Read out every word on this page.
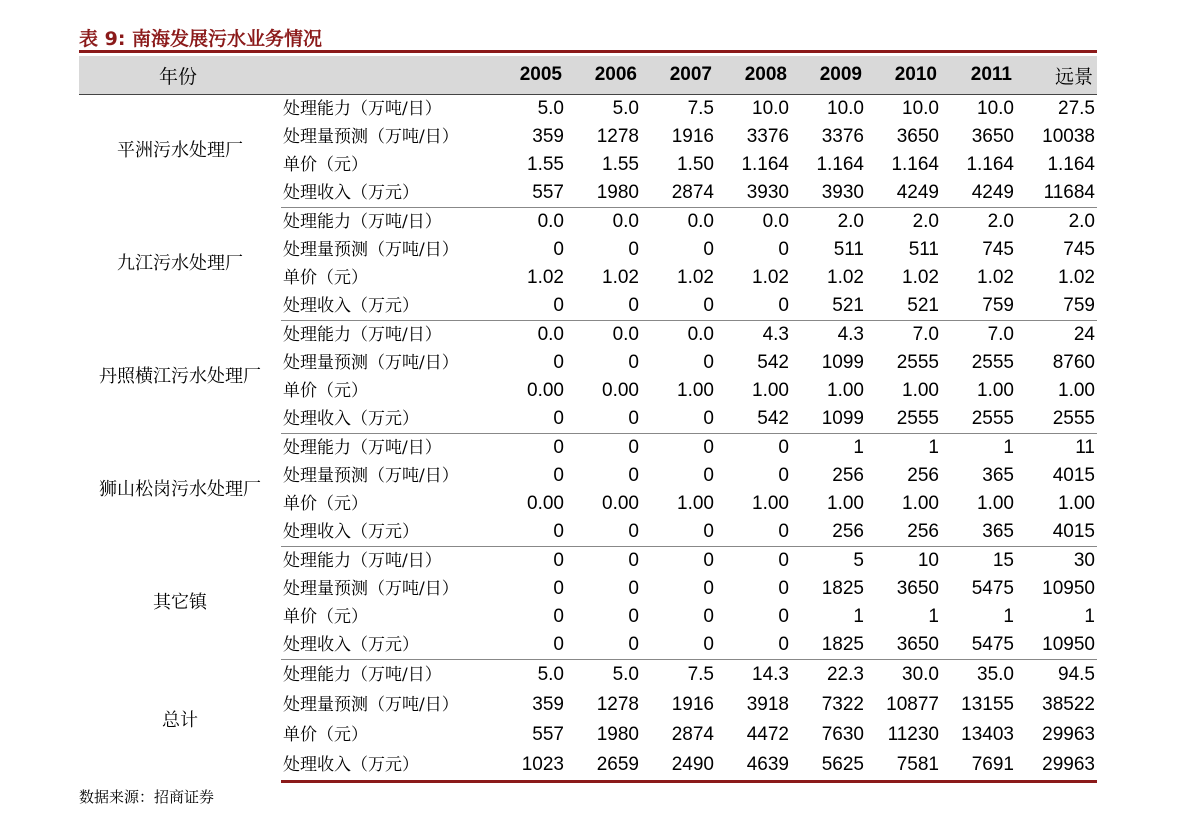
表 9: 南海发展污水业务情况
年份		2005	2006	2007	2008	2009	2010	2011	远景
平洲污水处理厂	处理能力（万吨/日）	5.0	5.0	7.5	10.0	10.0	10.0	10.0	27.5
	处理量预测（万吨/日）	359	1278	1916	3376	3376	3650	3650	10038
	单价（元）	1.55	1.55	1.50	1.164	1.164	1.164	1.164	1.164
	处理收入（万元）	557	1980	2874	3930	3930	4249	4249	11684
九江污水处理厂	处理能力（万吨/日）	0.0	0.0	0.0	0.0	2.0	2.0	2.0	2.0
	处理量预测（万吨/日）	0	0	0	0	511	511	745	745
	单价（元）	1.02	1.02	1.02	1.02	1.02	1.02	1.02	1.02
	处理收入（万元）	0	0	0	0	521	521	759	759
丹照横江污水处理厂	处理能力（万吨/日）	0.0	0.0	0.0	4.3	4.3	7.0	7.0	24
	处理量预测（万吨/日）	0	0	0	542	1099	2555	2555	8760
	单价（元）	0.00	0.00	1.00	1.00	1.00	1.00	1.00	1.00
	处理收入（万元）	0	0	0	542	1099	2555	2555	2555
狮山松岗污水处理厂	处理能力（万吨/日）	0	0	0	0	1	1	1	11
	处理量预测（万吨/日）	0	0	0	0	256	256	365	4015
	单价（元）	0.00	0.00	1.00	1.00	1.00	1.00	1.00	1.00
	处理收入（万元）	0	0	0	0	256	256	365	4015
其它镇	处理能力（万吨/日）	0	0	0	0	5	10	15	30
	处理量预测（万吨/日）	0	0	0	0	1825	3650	5475	10950
	单价（元）	0	0	0	0	1	1	1	1
	处理收入（万元）	0	0	0	0	1825	3650	5475	10950
总计	处理能力（万吨/日）	5.0	5.0	7.5	14.3	22.3	30.0	35.0	94.5
	处理量预测（万吨/日）	359	1278	1916	3918	7322	10877	13155	38522
	单价（元）	557	1980	2874	4472	7630	11230	13403	29963
	处理收入（万元）	1023	2659	2490	4639	5625	7581	7691	29963
数据来源：招商证券
